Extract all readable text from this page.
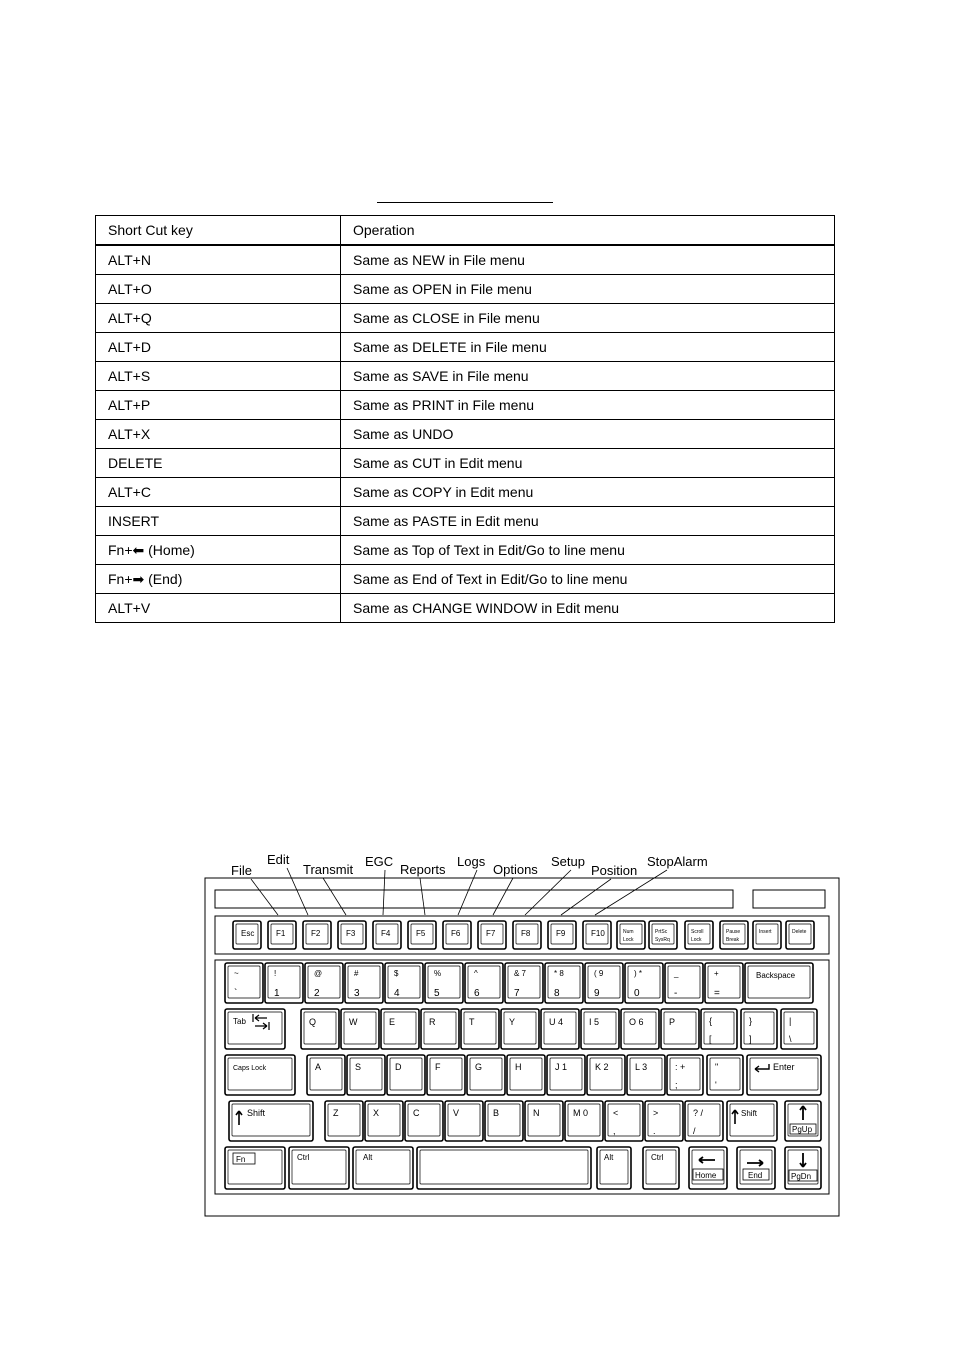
Short Cut key	Operation
ALT+N	Same as NEW in File menu
ALT+O	Same as OPEN in File menu
ALT+Q	Same as CLOSE in File menu
ALT+D	Same as DELETE in File menu
ALT+S	Same as SAVE in File menu
ALT+P	Same as PRINT in File menu
ALT+X	Same as UNDO
DELETE	Same as CUT in Edit menu
ALT+C	Same as COPY in Edit menu
INSERT	Same as PASTE in Edit menu
Fn+⬅ (Home)	Same as Top of Text in Edit/Go to line menu
Fn+➡ (End)	Same as End of Text in Edit/Go to line menu
ALT+V	Same as CHANGE WINDOW in Edit menu
Esc	F1	F2	F3	F4	F5	F6	F7	F8	F9	F10	Num
Lock
PrtSc
SysRq
Scroll
Lock
Pause
Break
Insert	Delete
File
Edit
Transmit
EGC
Reports
Logs
Options
Setup
Position
StopAlarm
~
`
!
1
@
2
#
3
$
4
%
5
^
6
& 7
7
* 8
8
( 9
9
) *
0
_
-
+
=
Backspace
Tab	Q	W	E	R	T	Y	U 4	I 5	O 6	P	{
[
}
]
|
\
Caps Lock	A	S	D	F	G	H	J 1	K 2	L 3	: +
;
"
'
Enter
Shift	Z	X	C	V	B	N	M 0	<
,
>
.
? /
/
Shift
PgUp
Fn	Ctrl	Alt	Alt	Ctrl
Home	End	PgDn
